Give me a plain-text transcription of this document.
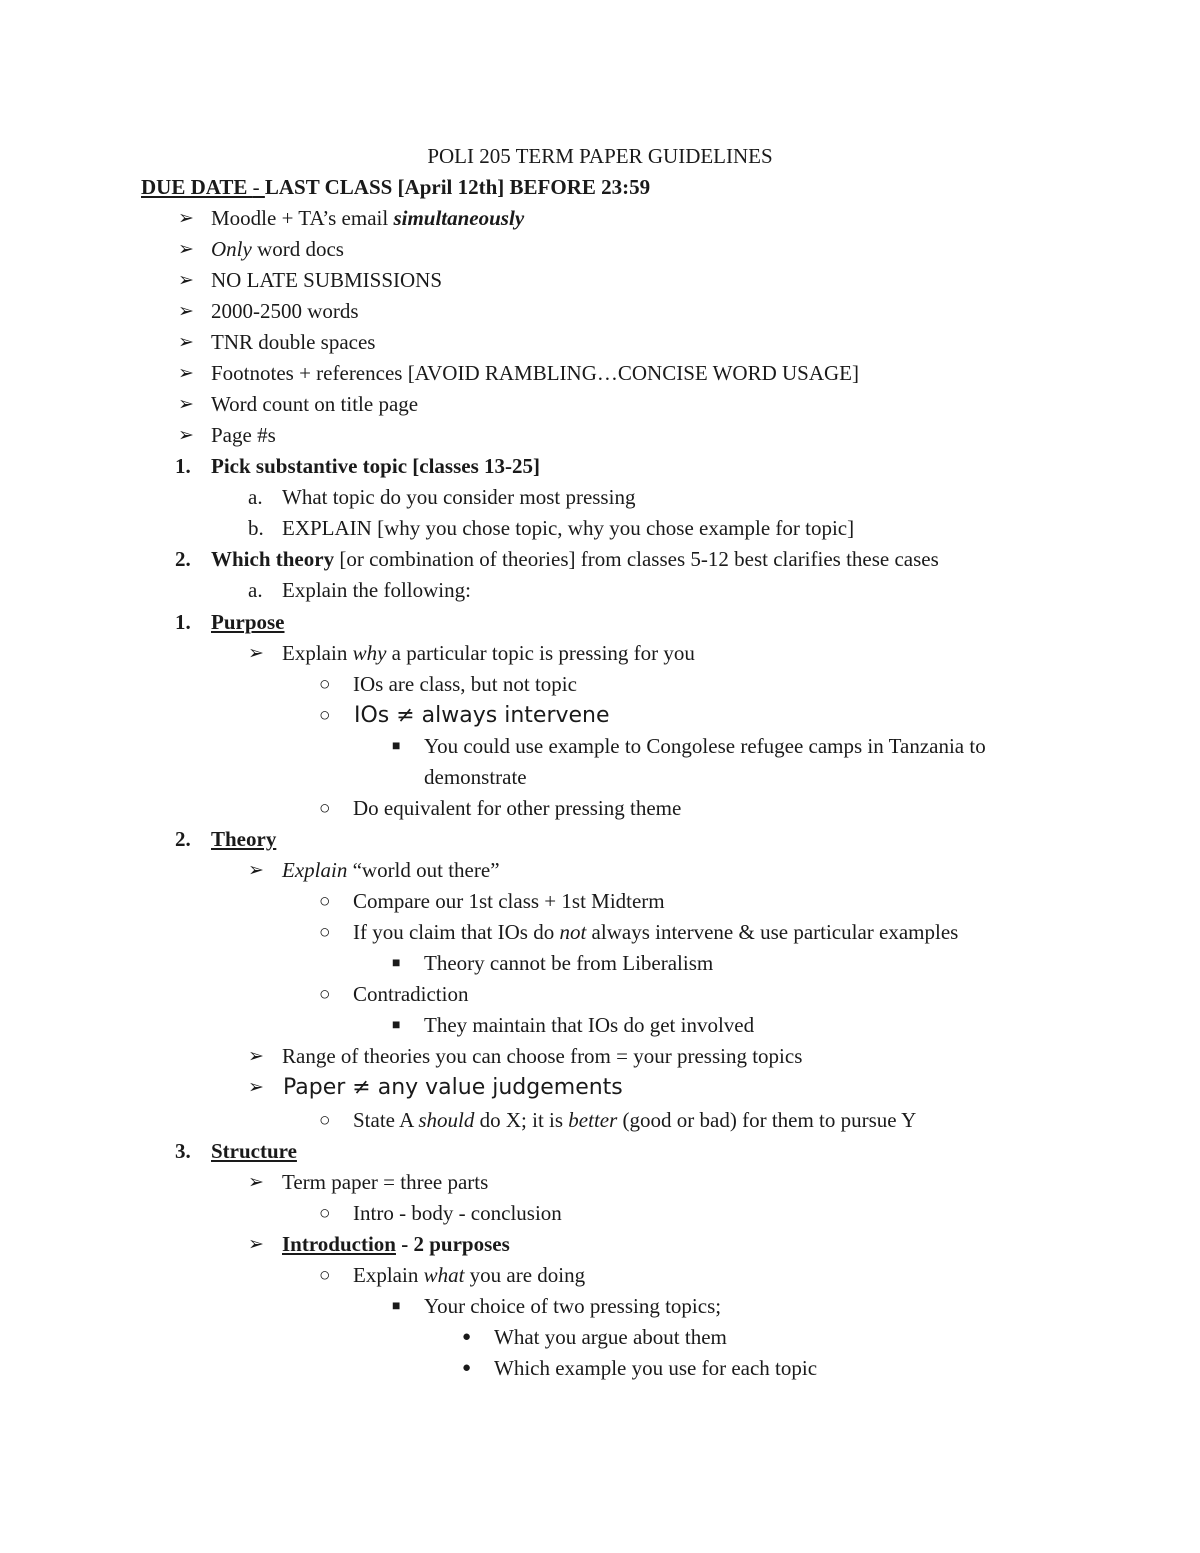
POLI 205 TERM PAPER GUIDELINES
DUE DATE - LAST CLASS [April 12th] BEFORE 23:59
➢ Moodle + TA’s email simultaneously
➢ Only word docs
➢ NO LATE SUBMISSIONS
➢ 2000-2500 words
➢ TNR double spaces
➢ Footnotes + references [AVOID RAMBLING…CONCISE WORD USAGE]
➢ Word count on title page
➢ Page #s
1. Pick substantive topic [classes 13-25]
a. What topic do you consider most pressing
b. EXPLAIN [why you chose topic, why you chose example for topic]
2. Which theory [or combination of theories] from classes 5-12 best clarifies these cases
a. Explain the following:
1. Purpose
➢ Explain why a particular topic is pressing for you
○	IOs are class, but not topic
○	IOs ≠ always intervene
■	You could use example to Congolese refugee camps in Tanzania to
demonstrate
○	Do equivalent for other pressing theme
2. Theory
➢ Explain “world out there”
○	Compare our 1st class + 1st Midterm
○	If you claim that IOs do not always intervene & use particular examples
■	Theory cannot be from Liberalism
○	Contradiction
■	They maintain that IOs do get involved
➢ Range of theories you can choose from = your pressing topics
➢ Paper ≠ any value judgements
○	State A should do X; it is better (good or bad) for them to pursue Y
3. Structure
➢ Term paper = three parts
○	Intro - body - conclusion
➢ Introduction - 2 purposes
○	Explain what you are doing
■	Your choice of two pressing topics;
●	What you argue about them
●	Which example you use for each topic
